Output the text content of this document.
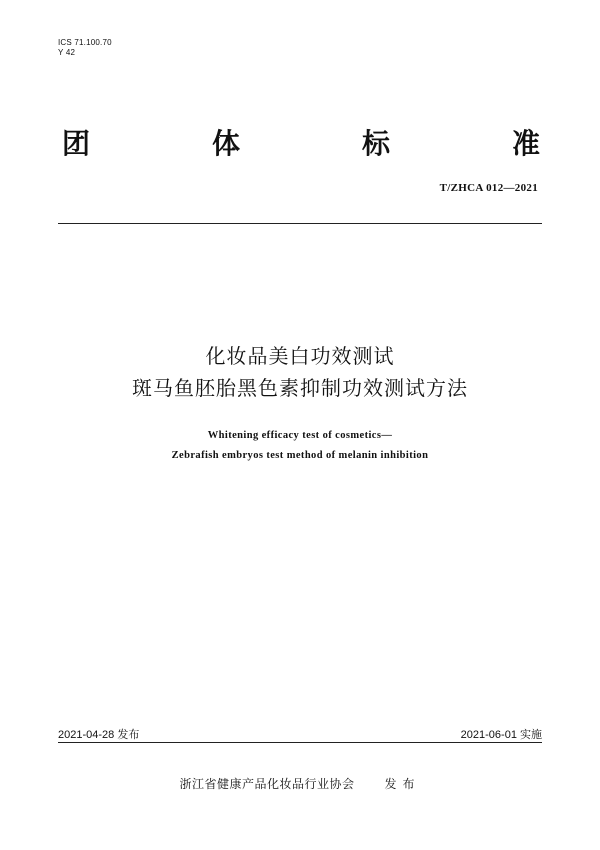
ICS 71.100.70
Y 42
团	体	标	准
T/ZHCA 012—2021
化妆品美白功效测试
斑马鱼胚胎黑色素抑制功效测试方法
Whitening efficacy test of cosmetics—
Zebrafish embryos test method of melanin inhibition
2021-04-28 发布	2021-06-01 实施
浙江省健康产品化妆品行业协会	发布
